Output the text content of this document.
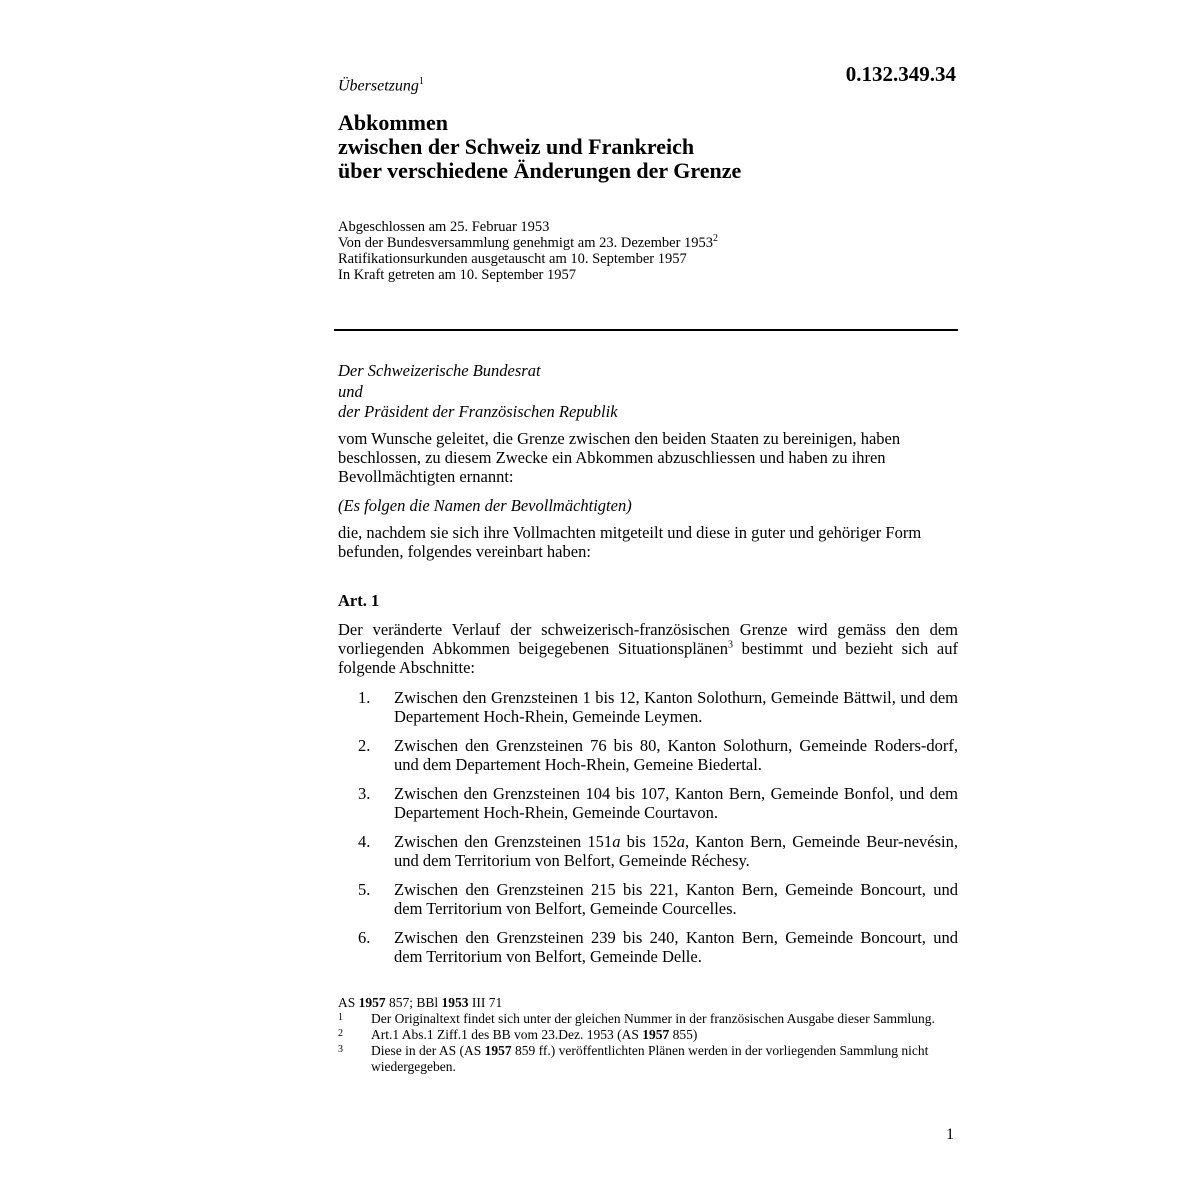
Übersetzung$^1$	0.132.349.34
Abkommen
zwischen der Schweiz und Frankreich
über verschiedene Änderungen der Grenze
Abgeschlossen am 25. Februar 1953
Von der Bundesversammlung genehmigt am 23. Dezember 1953$^2$
Ratifikationsurkunden ausgetauscht am 10. September 1957
In Kraft getreten am 10. September 1957
Der Schweizerische Bundesrat
und
der Präsident der Französischen Republik
vom Wunsche geleitet, die Grenze zwischen den beiden Staaten zu bereinigen, haben beschlossen, zu diesem Zwecke ein Abkommen abzuschliessen und haben zu ihren Bevollmächtigten ernannt:
(Es folgen die Namen der Bevollmächtigten)
die, nachdem sie sich ihre Vollmachten mitgeteilt und diese in guter und gehöriger Form befunden, folgendes vereinbart haben:
Art. 1
Der veränderte Verlauf der schweizerisch-französischen Grenze wird gemäss den dem vorliegenden Abkommen beigegebenen Situationsplänen$^3$ bestimmt und bezieht sich auf folgende Abschnitte:
1.	Zwischen den Grenzsteinen 1 bis 12, Kanton Solothurn, Gemeinde Bättwil, und dem Departement Hoch-Rhein, Gemeinde Leymen.
2.	Zwischen den Grenzsteinen 76 bis 80, Kanton Solothurn, Gemeinde Roders-dorf, und dem Departement Hoch-Rhein, Gemeine Biedertal.
3.	Zwischen den Grenzsteinen 104 bis 107, Kanton Bern, Gemeinde Bonfol, und dem Departement Hoch-Rhein, Gemeinde Courtavon.
4.	Zwischen den Grenzsteinen 151a bis 152a, Kanton Bern, Gemeinde Beur-nevésin, und dem Territorium von Belfort, Gemeinde Réchesy.
5.	Zwischen den Grenzsteinen 215 bis 221, Kanton Bern, Gemeinde Boncourt, und dem Territorium von Belfort, Gemeinde Courcelles.
6.	Zwischen den Grenzsteinen 239 bis 240, Kanton Bern, Gemeinde Boncourt, und dem Territorium von Belfort, Gemeinde Delle.
AS 1957 857; BBl 1953 III 71
1 Der Originaltext findet sich unter der gleichen Nummer in der französischen Ausgabe dieser Sammlung.
2 Art.1 Abs.1 Ziff.1 des BB vom 23.Dez. 1953 (AS 1957 855)
3 Diese in der AS (AS 1957 859 ff.) veröffentlichten Plänen werden in der vorliegenden Sammlung nicht wiedergegeben.
1
